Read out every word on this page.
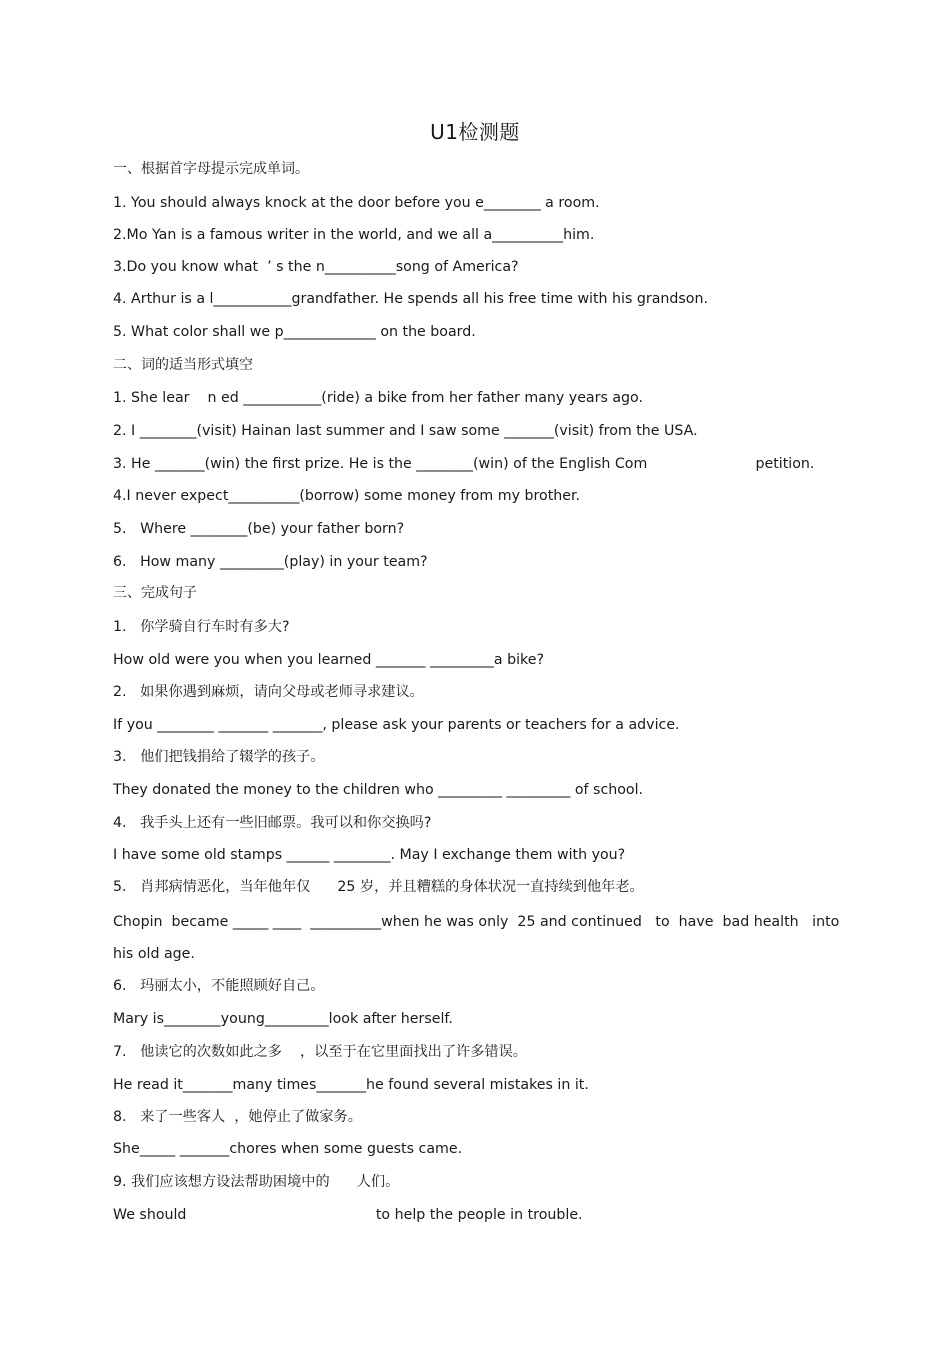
U1检测题
一、根据首字母提示完成单词。
1. You should always knock at the door before you e________ a room.
2.Mo Yan is a famous writer in the world, and we all a__________him.
3.Do you know what  ’ s the n__________song of America?
4. Arthur is a l___________grandfather. He spends all his free time with his grandson.
5. What color shall we p_____________ on the board.
二、词的适当形式填空
1. She lear    n ed ___________(ride) a bike from her father many years ago.
2. I ________(visit) Hainan last summer and I saw some _______(visit) from the USA.
3. He _______(win) the first prize. He is the ________(win) of the English Com                        petition.
4.I never expect__________(borrow) some money from my brother.
5.   Where ________(be) your father born?
6.   How many _________(play) in your team?
三、完成句子
1.   你学骑自行车时有多大?
How old were you when you learned _______ _________a bike?
2.   如果你遇到麻烦，请向父母或老师寻求建议。
If you ________ _______ _______, please ask your parents or teachers for a advice.
3.   他们把钱捐给了辍学的孩子。
They donated the money to the children who _________ _________ of school.
4.   我手头上还有一些旧邮票。我可以和你交换吗?
I have some old stamps ______ ________. May I exchange them with you?
5.   肖邦病情恶化，当年他年仅      25 岁，并且糟糕的身体状况一直持续到他年老。
Chopin  became _____ ____  __________when he was only  25 and continued   to  have  bad health   into
his old age.
6.   玛丽太小，不能照顾好自己。
Mary is________young_________look after herself.
7.   他读它的次数如此之多    ，以至于在它里面找出了许多错误。
He read it_______many times_______he found several mistakes in it.
8.   来了一些客人  ，她停止了做家务。
She_____ _______chores when some guests came.
9. 我们应该想方设法帮助困境中的      人们。
We should                                          to help the people in trouble.
